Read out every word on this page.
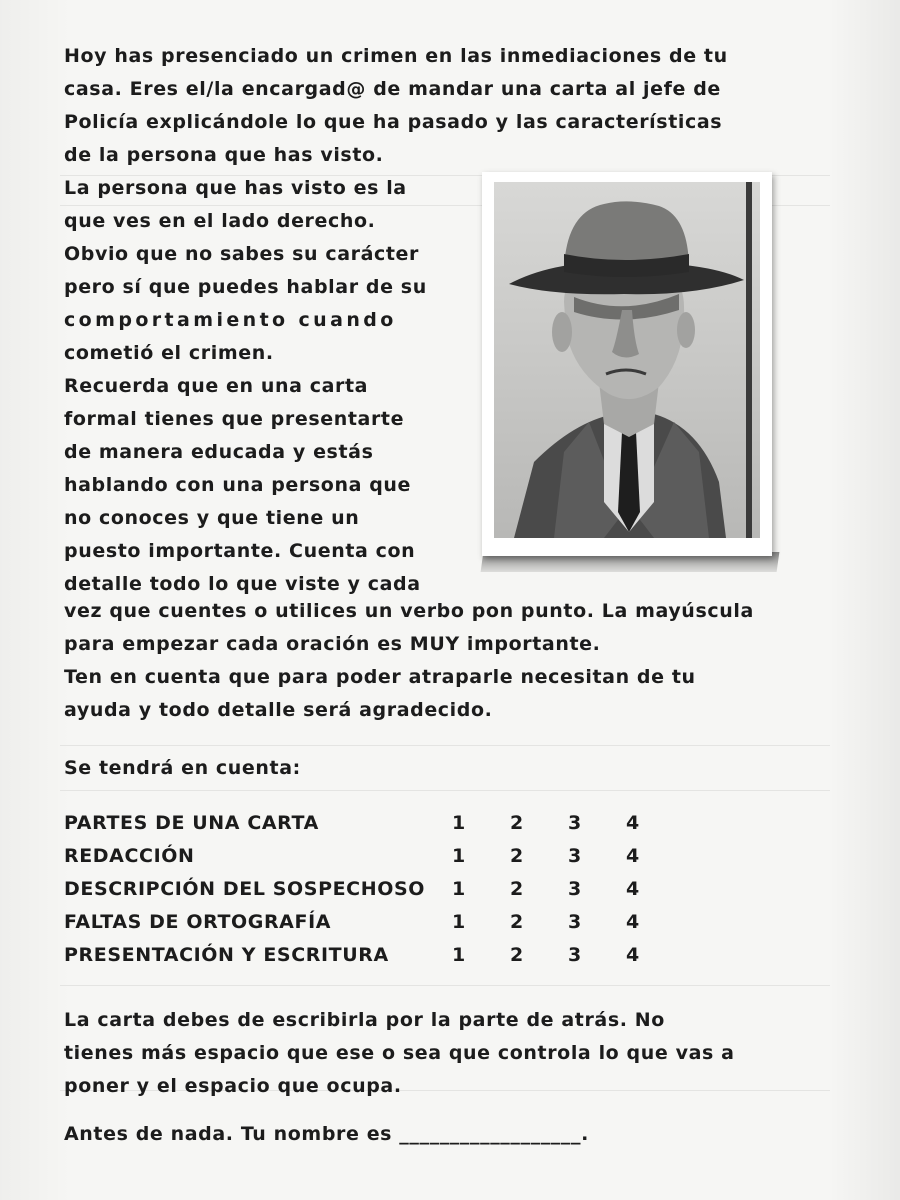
Hoy has presenciado un crimen en las inmediaciones de tu
casa. Eres el/la encargad@ de mandar una carta al jefe de
Policía explicándole lo que ha pasado y las características
de la persona que has visto.
La persona que has visto es la
que ves en el lado derecho.
Obvio que no sabes su carácter
pero sí que puedes hablar de su
comportamiento cuando
cometió el crimen.
Recuerda que en una carta
formal tienes que presentarte
de manera educada y estás
hablando con una persona que
no conoces y que tiene un
puesto importante. Cuenta con
detalle todo lo que viste y cada
vez que cuentes o utilices un verbo pon punto. La mayúscula
para empezar cada oración es MUY importante.
Ten en cuenta que para poder atraparle necesitan de tu
ayuda y todo detalle será agradecido.
Se tendrá en cuenta:
PARTES DE UNA CARTA	1	2	3	4
REDACCIÓN	1	2	3	4
DESCRIPCIÓN DEL SOSPECHOSO	1	2	3	4
FALTAS DE ORTOGRAFÍA	1	2	3	4
PRESENTACIÓN Y ESCRITURA	1	2	3	4
La carta debes de escribirla por la parte de atrás. No
tienes más espacio que ese o sea que controla lo que vas a
poner y el espacio que ocupa.
Antes de nada. Tu nombre es __________________.
